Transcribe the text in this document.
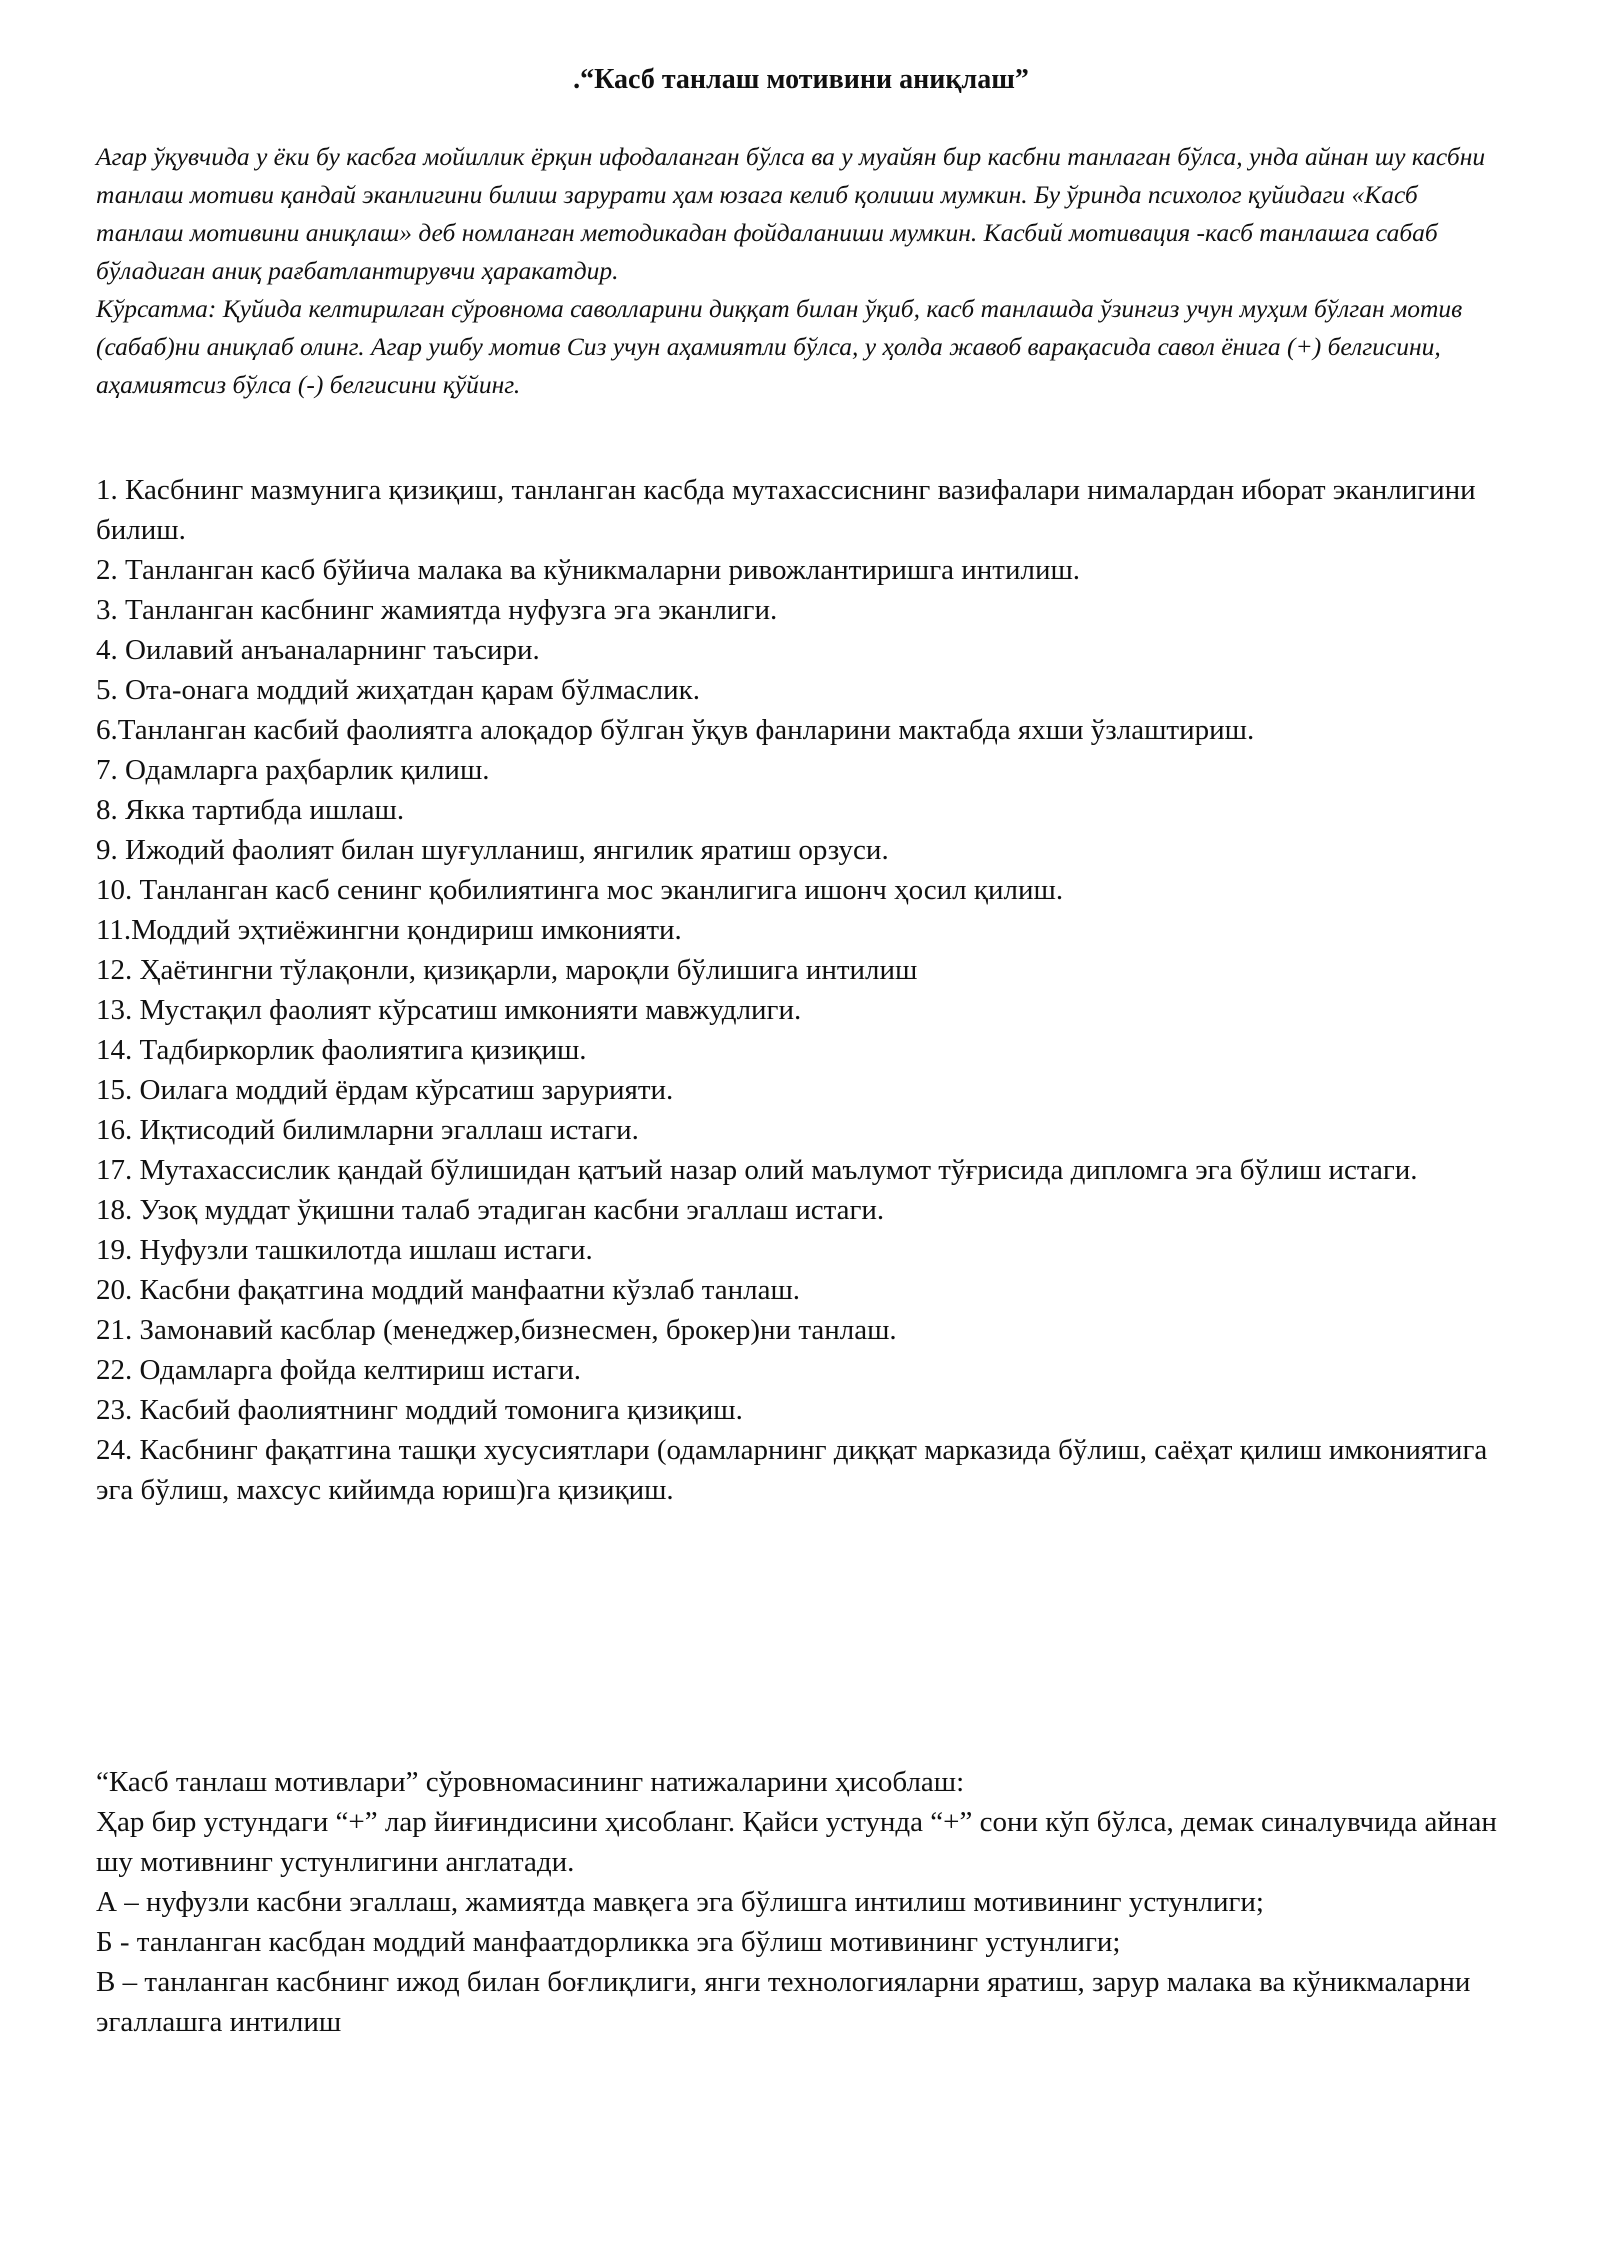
.“Касб танлаш мотивини аниқлаш”

Агар ўқувчида у ёки бу касбга мойиллик ёрқин ифодаланган бўлса ва у муайян бир касбни танлаган бўлса, унда айнан шу касбни танлаш мотиви қандай эканлигини билиш зарурати ҳам юзага келиб қолиши мумкин. Бу ўринда психолог қуйидаги «Касб танлаш мотивини аниқлаш» деб номланган методикадан фойдаланиши мумкин. Касбий мотивация -касб танлашга сабаб бўладиган аниқ рағбатлантирувчи ҳаракатдир.

Кўрсатма: Қуйида келтирилган сўровнома саволларини диққат билан ўқиб, касб танлашда ўзингиз учун муҳим бўлган мотив (сабаб)ни аниқлаб олинг. Агар ушбу мотив Сиз учун аҳамиятли бўлса, у ҳолда жавоб варақасида савол ёнига (+) белгисини, аҳамиятсиз бўлса (-) белгисини қўйинг.

1. Касбнинг мазмунига қизиқиш, танланган касбда мутахассиснинг вазифалари нималардан иборат эканлигини билиш.
2. Танланган касб бўйича малака ва кўникмаларни ривожлантиришга интилиш.
3. Танланган касбнинг жамиятда нуфузга эга эканлиги.
4. Оилавий анъаналарнинг таъсири.
5. Ота-онага моддий жиҳатдан қарам бўлмаслик.
6.Танланган касбий фаолиятга алоқадор бўлган ўқув фанларини мактабда яхши ўзлаштириш.
7. Одамларга раҳбарлик қилиш.
8. Якка тартибда ишлаш.
9. Ижодий фаолият билан шуғулланиш, янгилик яратиш орзуси.
10. Танланган касб сенинг қобилиятинга мос эканлигига ишонч ҳосил қилиш.
11.Моддий эҳтиёжингни қондириш имконияти.
12. Ҳаётингни тўлақонли, қизиқарли, мароқли бўлишига интилиш
13. Мустақил фаолият кўрсатиш имконияти мавжудлиги.
14. Тадбиркорлик фаолиятига қизиқиш.
15. Оилага моддий ёрдам кўрсатиш зарурияти.
16. Иқтисодий билимларни эгаллаш истаги.
17. Мутахассислик қандай бўлишидан қатъий назар олий маълумот тўғрисида дипломга эга бўлиш истаги.
18. Узоқ муддат ўқишни талаб этадиган касбни эгаллаш истаги.
19. Нуфузли ташкилотда ишлаш истаги.
20. Касбни фақатгина моддий манфаатни кўзлаб танлаш.
21. Замонавий касблар (менеджер,бизнесмен, брокер)ни танлаш.
22. Одамларга фойда келтириш истаги.
23. Касбий фаолиятнинг моддий томонига қизиқиш.
24. Касбнинг фақатгина ташқи хусусиятлари (одамларнинг диққат марказида бўлиш, саёҳат қилиш имкониятига эга бўлиш, махсус кийимда юриш)га қизиқиш.

“Касб танлаш мотивлари” сўровномасининг натижаларини ҳисоблаш:

Ҳар бир устундаги “+” лар йиғиндисини ҳисобланг. Қайси устунда “+” сони кўп бўлса, демак синалувчида айнан шу мотивнинг устунлигини англатади.

А – нуфузли касбни эгаллаш, жамиятда мавқега эга бўлишга интилиш мотивининг устунлиги;

Б - танланган касбдан моддий манфаатдорликка эга бўлиш мотивининг устунлиги;

В – танланган касбнинг ижод билан боғлиқлиги, янги технологияларни яратиш, зарур малака ва кўникмаларни эгаллашга интилиш
